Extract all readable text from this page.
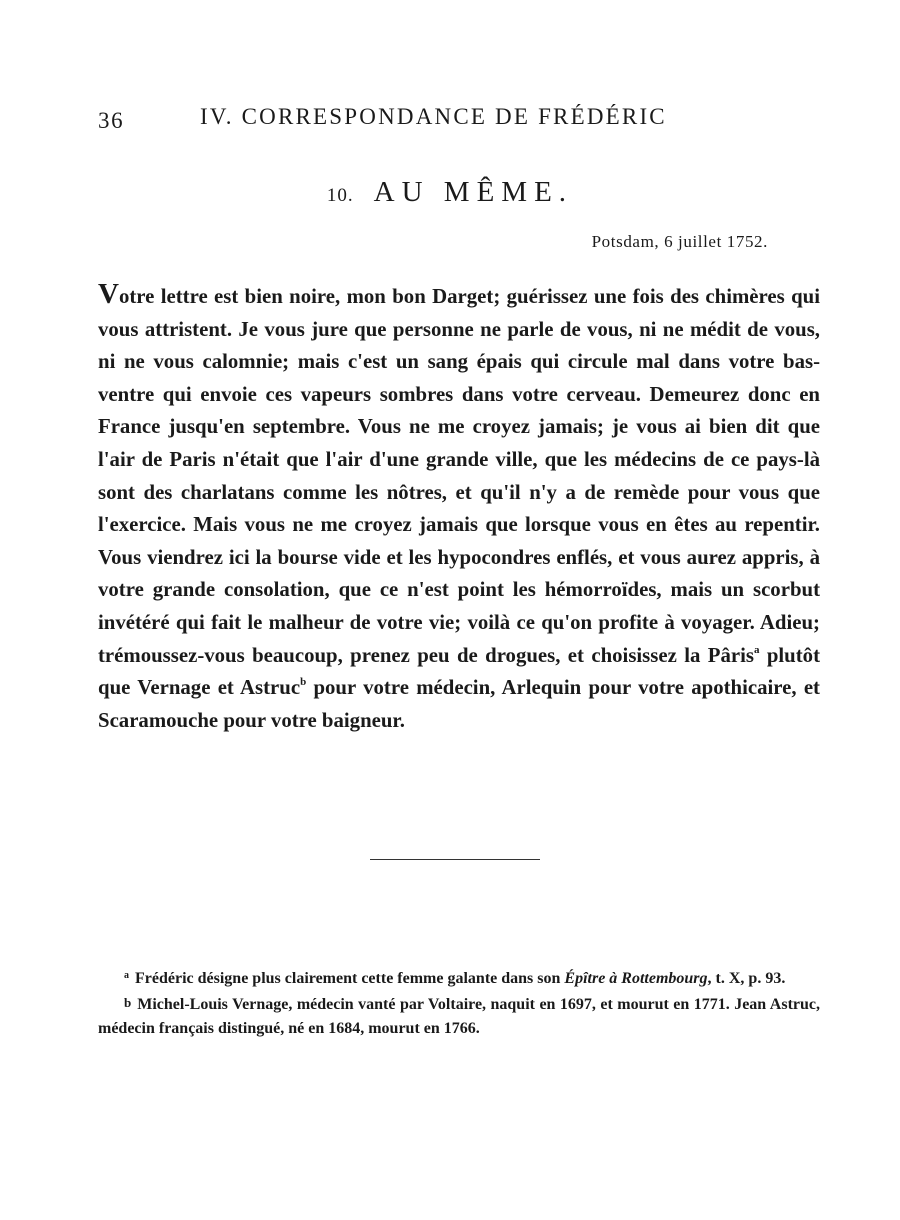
36	IV. CORRESPONDANCE DE FRÉDÉRIC
10. AU MÊME.
Potsdam, 6 juillet 1752.

Votre lettre est bien noire, mon bon Darget; guérissez une fois des chimères qui vous attristent. Je vous jure que personne ne parle de vous, ni ne médit de vous, ni ne vous calomnie; mais c'est un sang épais qui circule mal dans votre bas-ventre qui envoie ces vapeurs sombres dans votre cerveau. Demeurez donc en France jusqu'en septembre. Vous ne me croyez jamais; je vous ai bien dit que l'air de Paris n'était que l'air d'une grande ville, que les médecins de ce pays-là sont des charlatans comme les nôtres, et qu'il n'y a de remède pour vous que l'exercice. Mais vous ne me croyez jamais que lorsque vous en êtes au repentir. Vous viendrez ici la bourse vide et les hypocondres enflés, et vous aurez appris, à votre grande consolation, que ce n'est point les hémorroïdes, mais un scorbut invétéré qui fait le malheur de votre vie; voilà ce qu'on profite à voyager. Adieu; trémoussez-vous beaucoup, prenez peu de drogues, et choisissez la Pâris$^a$ plutôt que Vernage et Astruc$^b$ pour votre médecin, Arlequin pour votre apothicaire, et Scaramouche pour votre baigneur.

$^a$ Frédéric désigne plus clairement cette femme galante dans son Épître à Rottembourg, t. X, p. 93.

b Michel-Louis Vernage, médecin vanté par Voltaire, naquit en 1697, et mourut en 1771. Jean Astruc, médecin français distingué, né en 1684, mourut en 1766.
